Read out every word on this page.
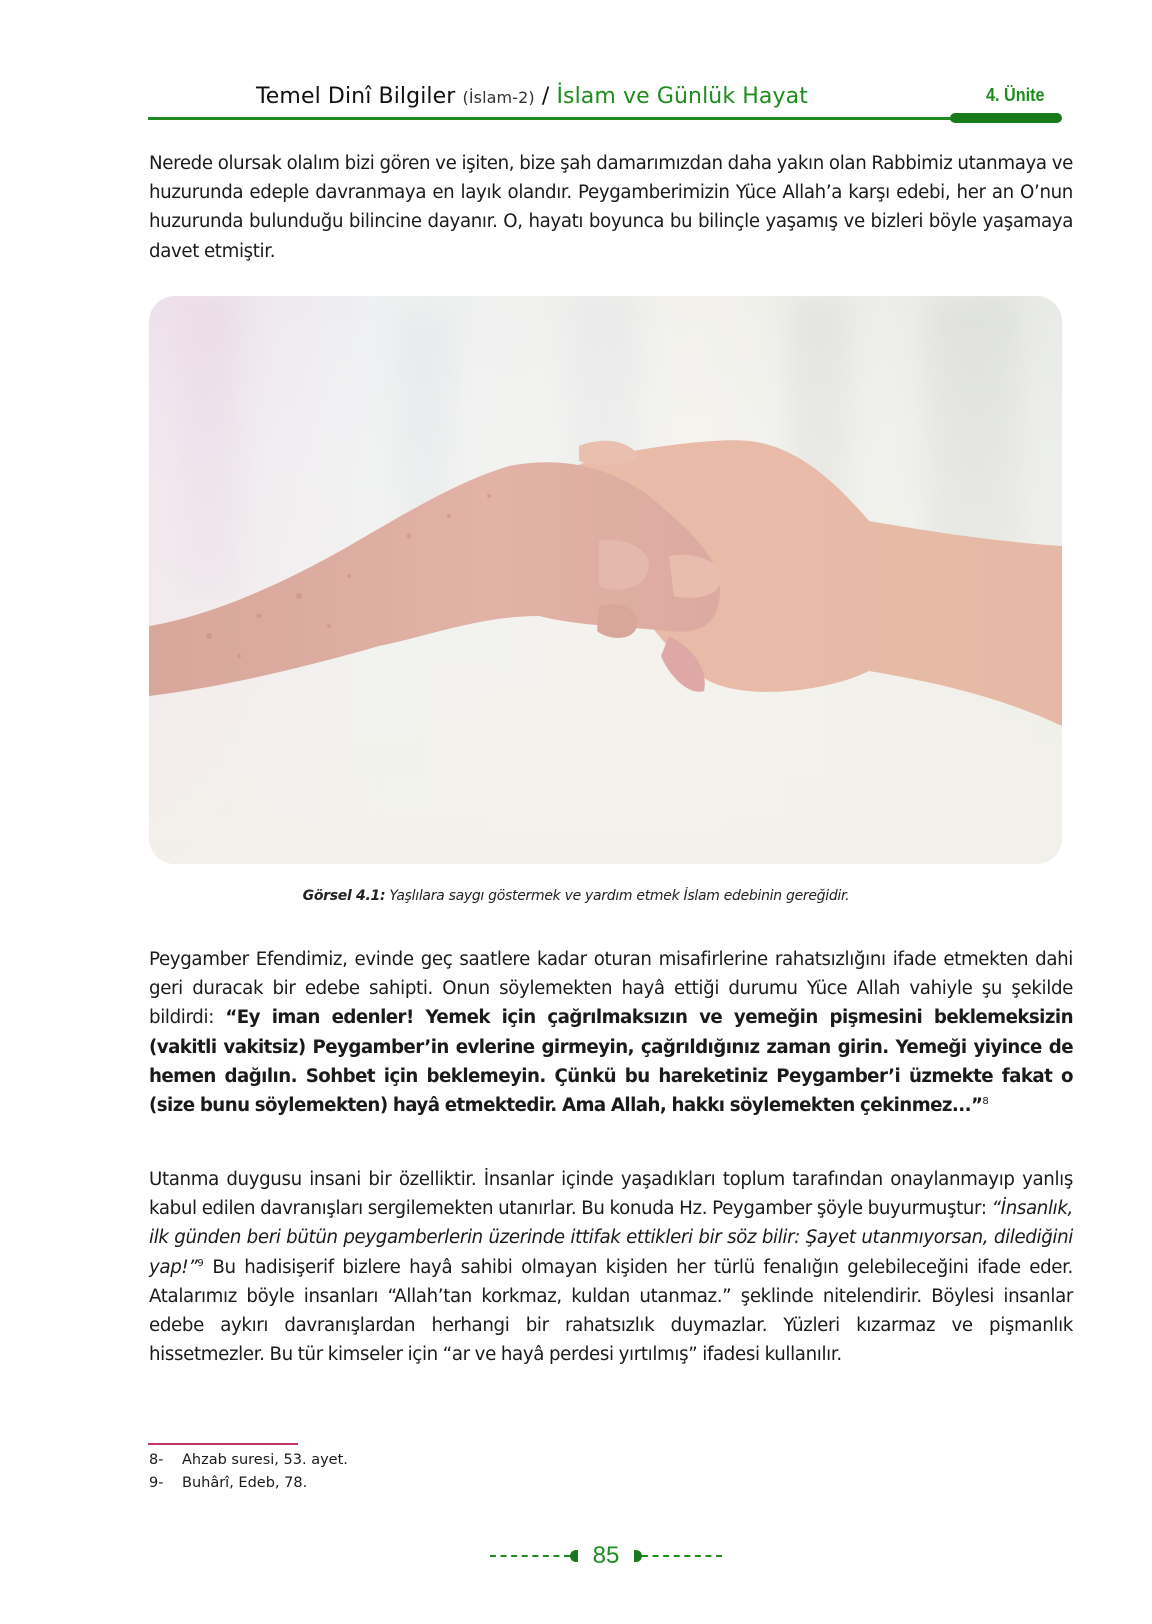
Temel Dinî Bilgiler (İslam-2) / İslam ve Günlük Hayat	4. Ünite
Nerede olursak olalım bizi gören ve işiten, bize şah damarımızdan daha yakın olan Rabbimiz utanmaya ve huzurunda edeple davranmaya en layık olandır. Peygamberimizin Yüce Allah’a karşı edebi, her an O’nun huzurunda bulunduğu bilincine dayanır. O, hayatı boyunca bu bilinçle yaşamış ve bizleri böyle yaşamaya davet etmiştir.
Görsel 4.1: Yaşlılara saygı göstermek ve yardım etmek İslam edebinin gereğidir.
Peygamber Efendimiz, evinde geç saatlere kadar oturan misafirlerine rahatsızlığını ifade etmekten dahi geri duracak bir edebe sahipti. Onun söylemekten hayâ ettiği durumu Yüce Allah vahiyle şu şekilde bildirdi: “Ey iman edenler! Yemek için çağrılmaksızın ve yemeğin pişmesini beklemeksizin (vakitli vakitsiz) Peygamber’in evlerine girmeyin, çağrıldığınız zaman girin. Yemeği yiyince de hemen dağılın. Sohbet için beklemeyin. Çünkü bu hareketiniz Peygamber’i üzmekte fakat o (size bunu söylemekten) hayâ etmektedir. Ama Allah, hakkı söylemekten çekinmez...”$^8$
Utanma duygusu insani bir özelliktir. İnsanlar içinde yaşadıkları toplum tarafından onaylanmayıp yanlış kabul edilen davranışları sergilemekten utanırlar. Bu konuda Hz. Peygamber şöyle buyurmuştur: “İnsanlık, ilk günden beri bütün peygamberlerin üzerinde ittifak ettikleri bir söz bilir: Şayet utanmıyorsan, dilediğini yap!”$^9$ Bu hadisişerif bizlere hayâ sahibi olmayan kişiden her türlü fenalığın gelebileceğini ifade eder. Atalarımız böyle insanları “Allah’tan korkmaz, kuldan utanmaz.” şeklinde nitelendirir. Böylesi insanlar edebe aykırı davranışlardan herhangi bir rahatsızlık duymazlar. Yüzleri kızarmaz ve pişmanlık hissetmezler. Bu tür kimseler için “ar ve hayâ perdesi yırtılmış” ifadesi kullanılır.
8- Ahzab suresi, 53. ayet.
9- Buhârî, Edeb, 78.
85
